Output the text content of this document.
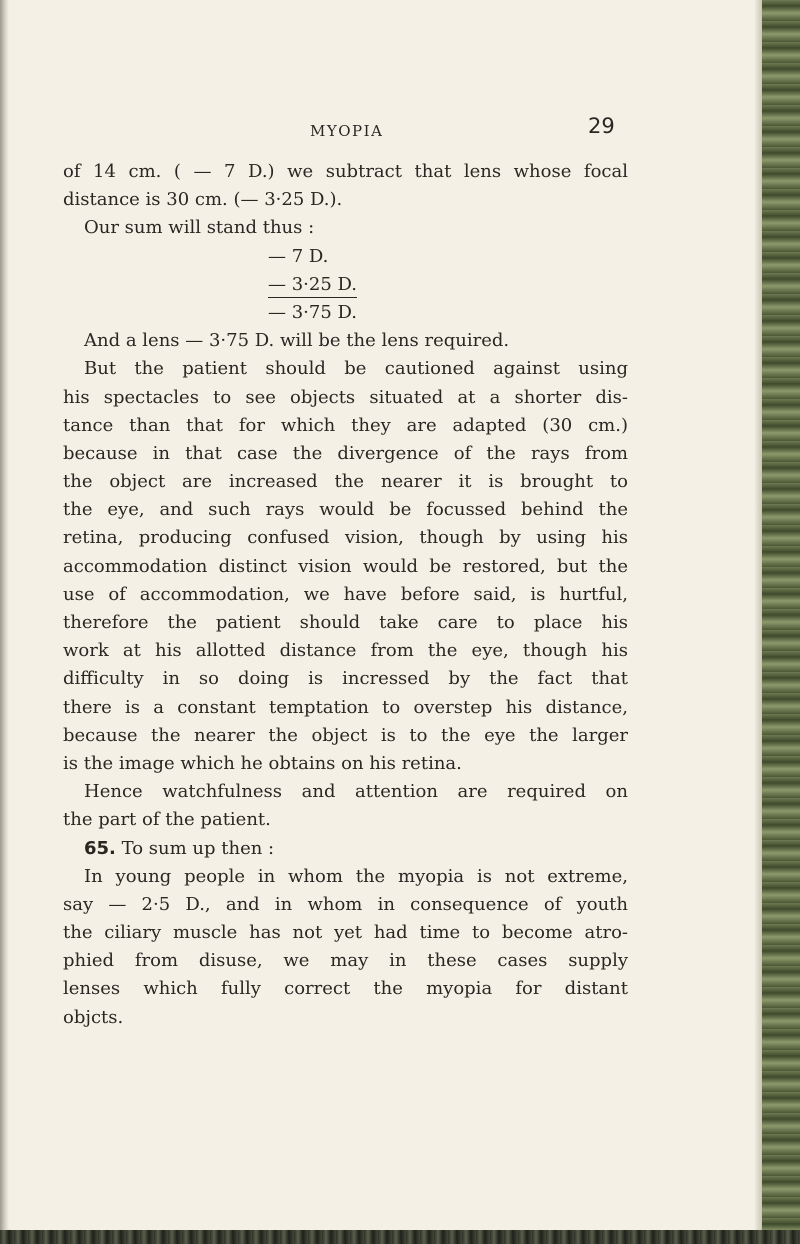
MYOPIA	29
of 14 cm. ( — 7 D.) we subtract that lens whose focal
distance is 30 cm. (— 3·25 D.).
Our sum will stand thus :
— 7 D.
— 3·25 D.
— 3·75 D.
And a lens — 3·75 D. will be the lens required.
But the patient should be cautioned against using
his spectacles to see objects situated at a shorter dis-
tance than that for which they are adapted (30 cm.)
because in that case the divergence of the rays from
the object are increased the nearer it is brought to
the eye, and such rays would be focussed behind the
retina, producing confused vision, though by using his
accommodation distinct vision would be restored, but the
use of accommodation, we have before said, is hurtful,
therefore the patient should take care to place his
work at his allotted distance from the eye, though his
difficulty in so doing is incressed by the fact that
there is a constant temptation to overstep his distance,
because the nearer the object is to the eye the larger
is the image which he obtains on his retina.
Hence watchfulness and attention are required on
the part of the patient.
65. To sum up then :
In young people in whom the myopia is not extreme,
say — 2·5 D., and in whom in consequence of youth
the ciliary muscle has not yet had time to become atro-
phied from disuse, we may in these cases supply
lenses which fully correct the myopia for distant
objcts.
